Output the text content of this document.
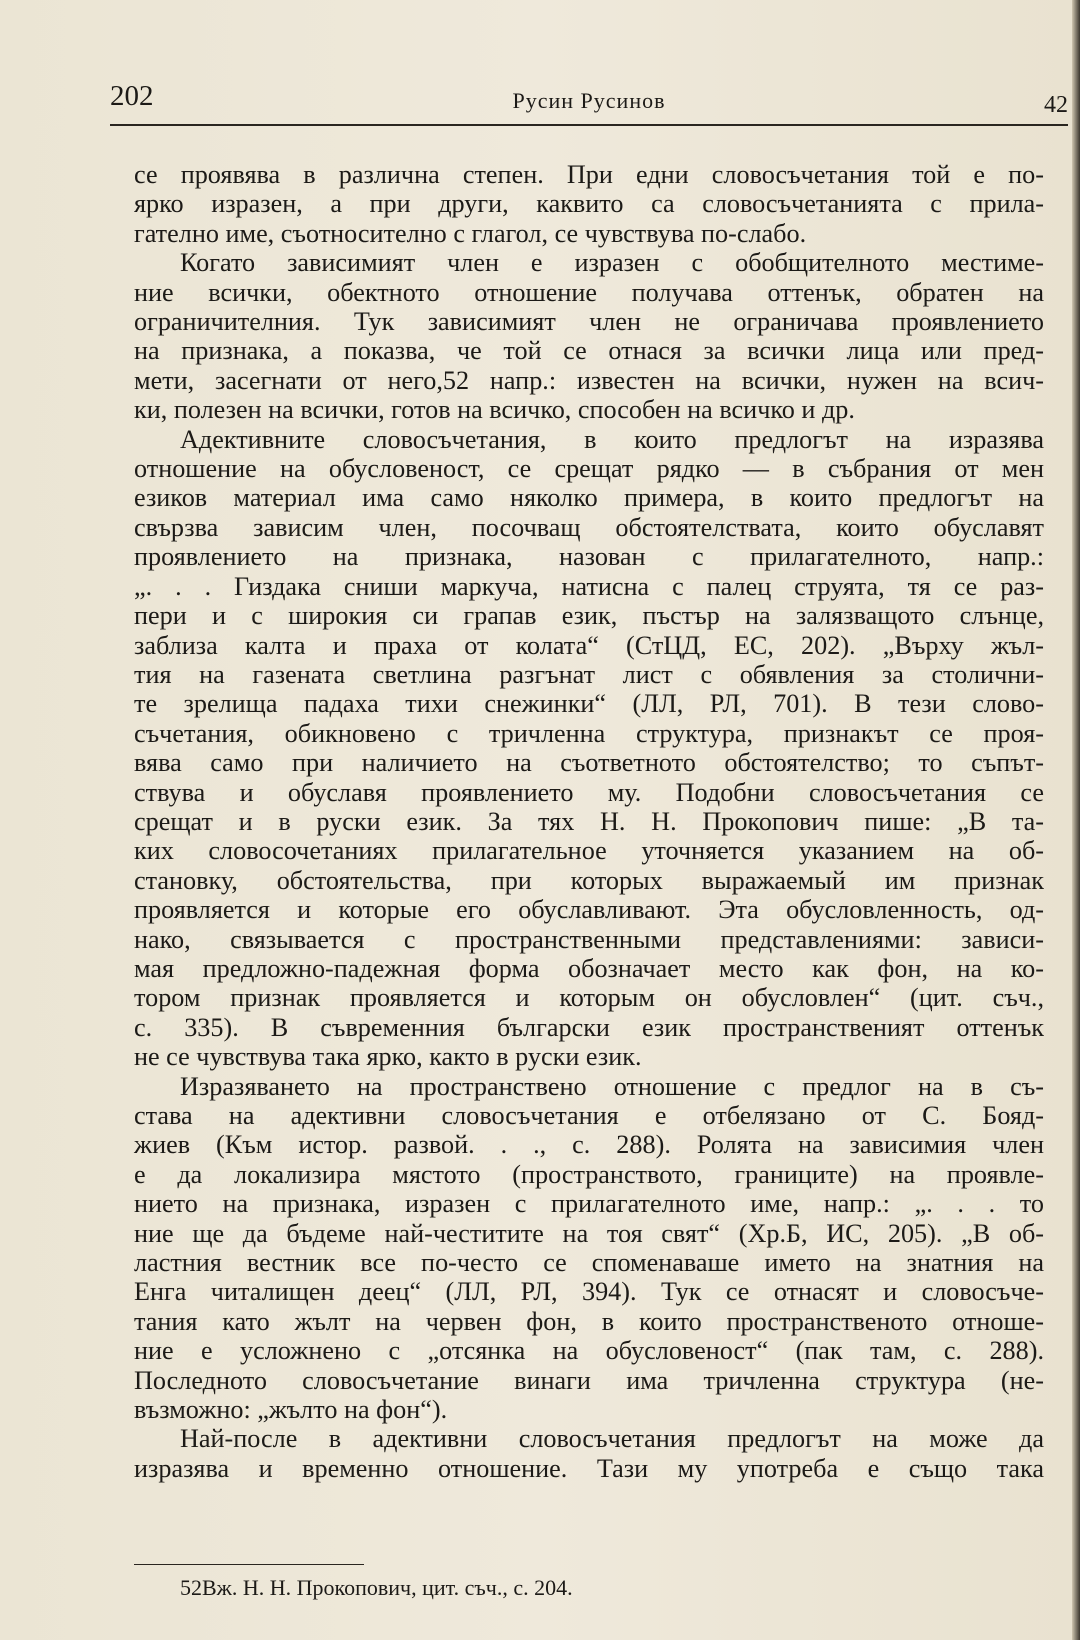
202	Русин Русинов	42
се проявява в различна степен. При едни словосъчетания той е по-
ярко изразен, а при други, каквито са словосъчетанията с прила-
гателно име, съотносително с глагол, се чувствува по-слабо.
Когато зависимият член е изразен с обобщителното местиме-
ние всички, обектното отношение получава оттенък, обратен на
ограничителния. Тук зависимият член не ограничава проявлението
на признака, а показва, че той се отнася за всички лица или пред-
мети, засегнати от него,52 напр.: известен на всички, нужен на всич-
ки, полезен на всички, готов на всичко, способен на всичко и др.
Адективните словосъчетания, в които предлогът на изразява
отношение на обусловеност, се срещат рядко — в събрания от мен
езиков материал има само няколко примера, в които предлогът на
свързва зависим член, посочващ обстоятелствата, които обуславят
проявлението на признака, назован с прилагателното, напр.:
„. . . Гиздака сниши маркуча, натисна с палец струята, тя се раз-
пери и с широкия си грапав език, пъстър на залязващото слънце,
заблиза калта и праха от колата“ (СтЦД, ЕС, 202). „Върху жъл-
тия на газената светлина разгънат лист с обявления за столични-
те зрелища падаха тихи снежинки“ (ЛЛ, РЛ, 701). В тези слово-
съчетания, обикновено с тричленна структура, признакът се проя-
вява само при наличието на съответното обстоятелство; то съпът-
ствува и обуславя проявлението му. Подобни словосъчетания се
срещат и в руски език. За тях Н. Н. Прокопович пише: „В та-
ких словосочетаниях прилагательное уточняется указанием на об-
становку, обстоятельства, при которых выражаемый им признак
проявляется и которые его обуславливают. Эта обусловленность, од-
нако, связывается с пространственными представлениями: зависи-
мая предложно-падежная форма обозначает место как фон, на ко-
тором признак проявляется и которым он обусловлен“ (цит. съч.,
с. 335). В съвременния български език пространственият оттенък
не се чувствува така ярко, както в руски език.
Изразяването на пространствено отношение с предлог на в съ-
става на адективни словосъчетания е отбелязано от С. Бояд-
жиев (Към истор. развой. . ., с. 288). Ролята на зависимия член
е да локализира мястото (пространството, границите) на проявле-
нието на признака, изразен с прилагателното име, напр.: „. . . то
ние ще да бъдеме най-честитите на тоя свят“ (Хр.Б, ИС, 205). „В об-
ластния вестник все по-често се споменаваше името на знатния на
Енга читалищен деец“ (ЛЛ, РЛ, 394). Тук се отнасят и словосъче-
тания като жълт на червен фон, в които пространственото отноше-
ние е усложнено с „отсянка на обусловеност“ (пак там, с. 288).
Последното словосъчетание винаги има тричленна структура (не-
възможно: „жълто на фон“).
Най-после в адективни словосъчетания предлогът на може да
изразява и временно отношение. Тази му употреба е също така
52Вж. Н. Н. Прокопович, цит. съч., с. 204.
